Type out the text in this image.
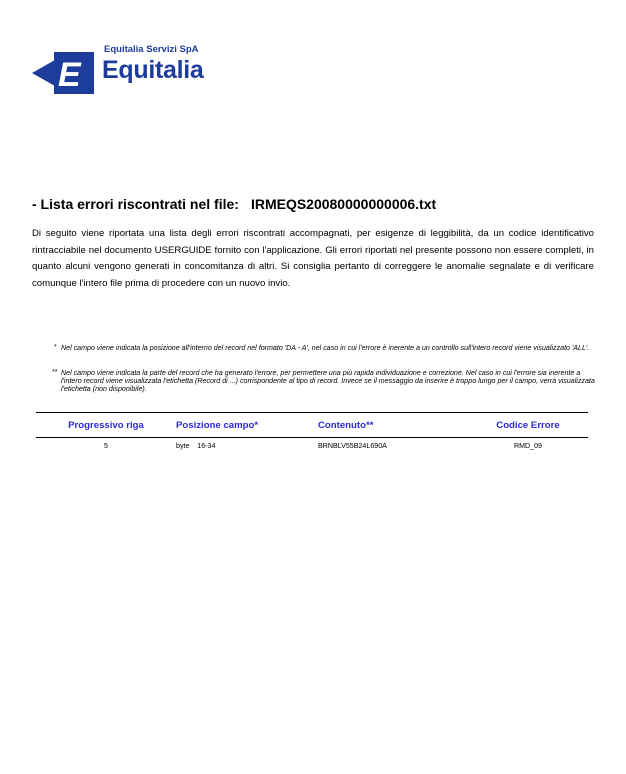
E
Equitalia Servizi SpA
Equitalia
- Lista errori riscontrati nel file: IRMEQS20080000000006.txt

Di seguito viene riportata una lista degli errori riscontrati accompagnati, per esigenze di leggibilità, da un codice identificativo rintracciabile nel documento USERGUIDE fornito con l'applicazione. Gli errori riportati nel presente possono non essere completi, in quanto alcuni vengono generati in concomitanza di altri. Si consiglia pertanto di correggere le anomalie segnalate e di verificare comunque l'intero file prima di procedere con un nuovo invio.

* Nel campo viene indicata la posizione all'interno del record nel formato 'DA - A', nel caso in cui l'errore è inerente a un controllo sull'intero record viene visualizzato 'ALL'.

** Nel campo viene indicata la parte del record che ha generato l'errore, per permettere una più rapida individuazione e correzione. Nel caso in cui l'errore sia inerente a l'intero record viene visualizzata l'etichetta (Record di ...) corrispondente al tipo di record. Invece se il messaggio da inserire è troppo lungo per il campo, verrà visualizzata l'etichetta (non disponibile).

Progressivo riga	Posizione campo*	Contenuto**	Codice Errore
5	byte    16-34	BRNBLV55B24L690A	RMD_09
